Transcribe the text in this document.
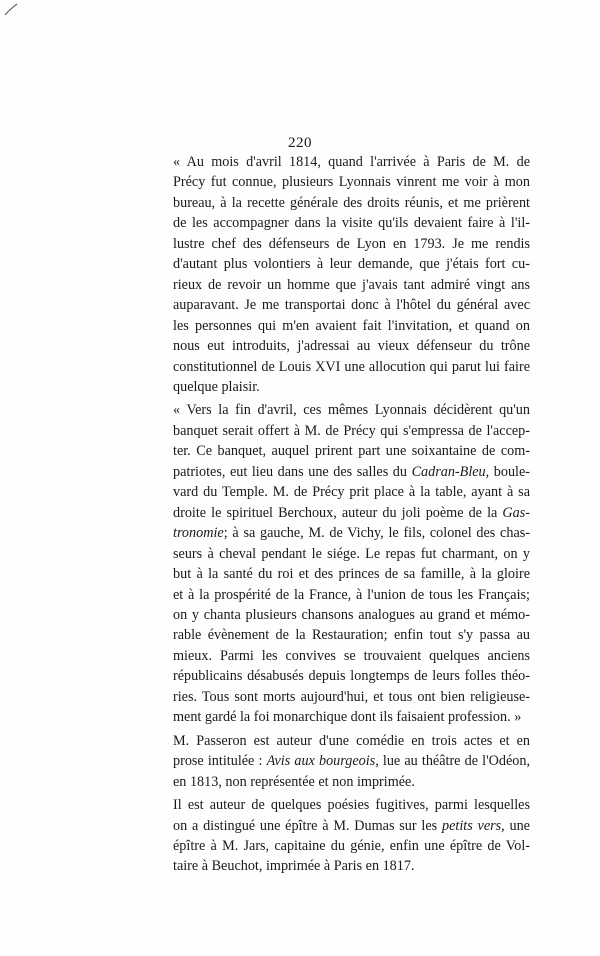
220

« Au mois d'avril 1814, quand l'arrivée à Paris de M. de
Précy fut connue, plusieurs Lyonnais vinrent me voir à mon
bureau, à la recette générale des droits réunis, et me prièrent
de les accompagner dans la visite qu'ils devaient faire à l'il-
lustre chef des défenseurs de Lyon en 1793. Je me rendis
d'autant plus volontiers à leur demande, que j'étais fort cu-
rieux de revoir un homme que j'avais tant admiré vingt ans
auparavant. Je me transportai donc à l'hôtel du général avec
les personnes qui m'en avaient fait l'invitation, et quand on
nous eut introduits, j'adressai au vieux défenseur du trône
constitutionnel de Louis XVI une allocution qui parut lui faire
quelque plaisir.

« Vers la fin d'avril, ces mêmes Lyonnais décidèrent qu'un
banquet serait offert à M. de Précy qui s'empressa de l'accep-
ter. Ce banquet, auquel prirent part une soixantaine de com-
patriotes, eut lieu dans une des salles du Cadran-Bleu, boule-
vard du Temple. M. de Précy prit place à la table, ayant à sa
droite le spirituel Berchoux, auteur du joli poème de la Gas-
tronomie; à sa gauche, M. de Vichy, le fils, colonel des chas-
seurs à cheval pendant le siége. Le repas fut charmant, on y
but à la santé du roi et des princes de sa famille, à la gloire
et à la prospérité de la France, à l'union de tous les Français;
on y chanta plusieurs chansons analogues au grand et mémo-
rable évènement de la Restauration; enfin tout s'y passa au
mieux. Parmi les convives se trouvaient quelques anciens
républicains désabusés depuis longtemps de leurs folles théo-
ries. Tous sont morts aujourd'hui, et tous ont bien religieuse-
ment gardé la foi monarchique dont ils faisaient profession. »

M. Passeron est auteur d'une comédie en trois actes et en
prose intitulée : Avis aux bourgeois, lue au théâtre de l'Odéon,
en 1813, non représentée et non imprimée.

Il est auteur de quelques poésies fugitives, parmi lesquelles
on a distingué une épître à M. Dumas sur les petits vers, une
épître à M. Jars, capitaine du génie, enfin une épître de Vol-
taire à Beuchot, imprimée à Paris en 1817.
